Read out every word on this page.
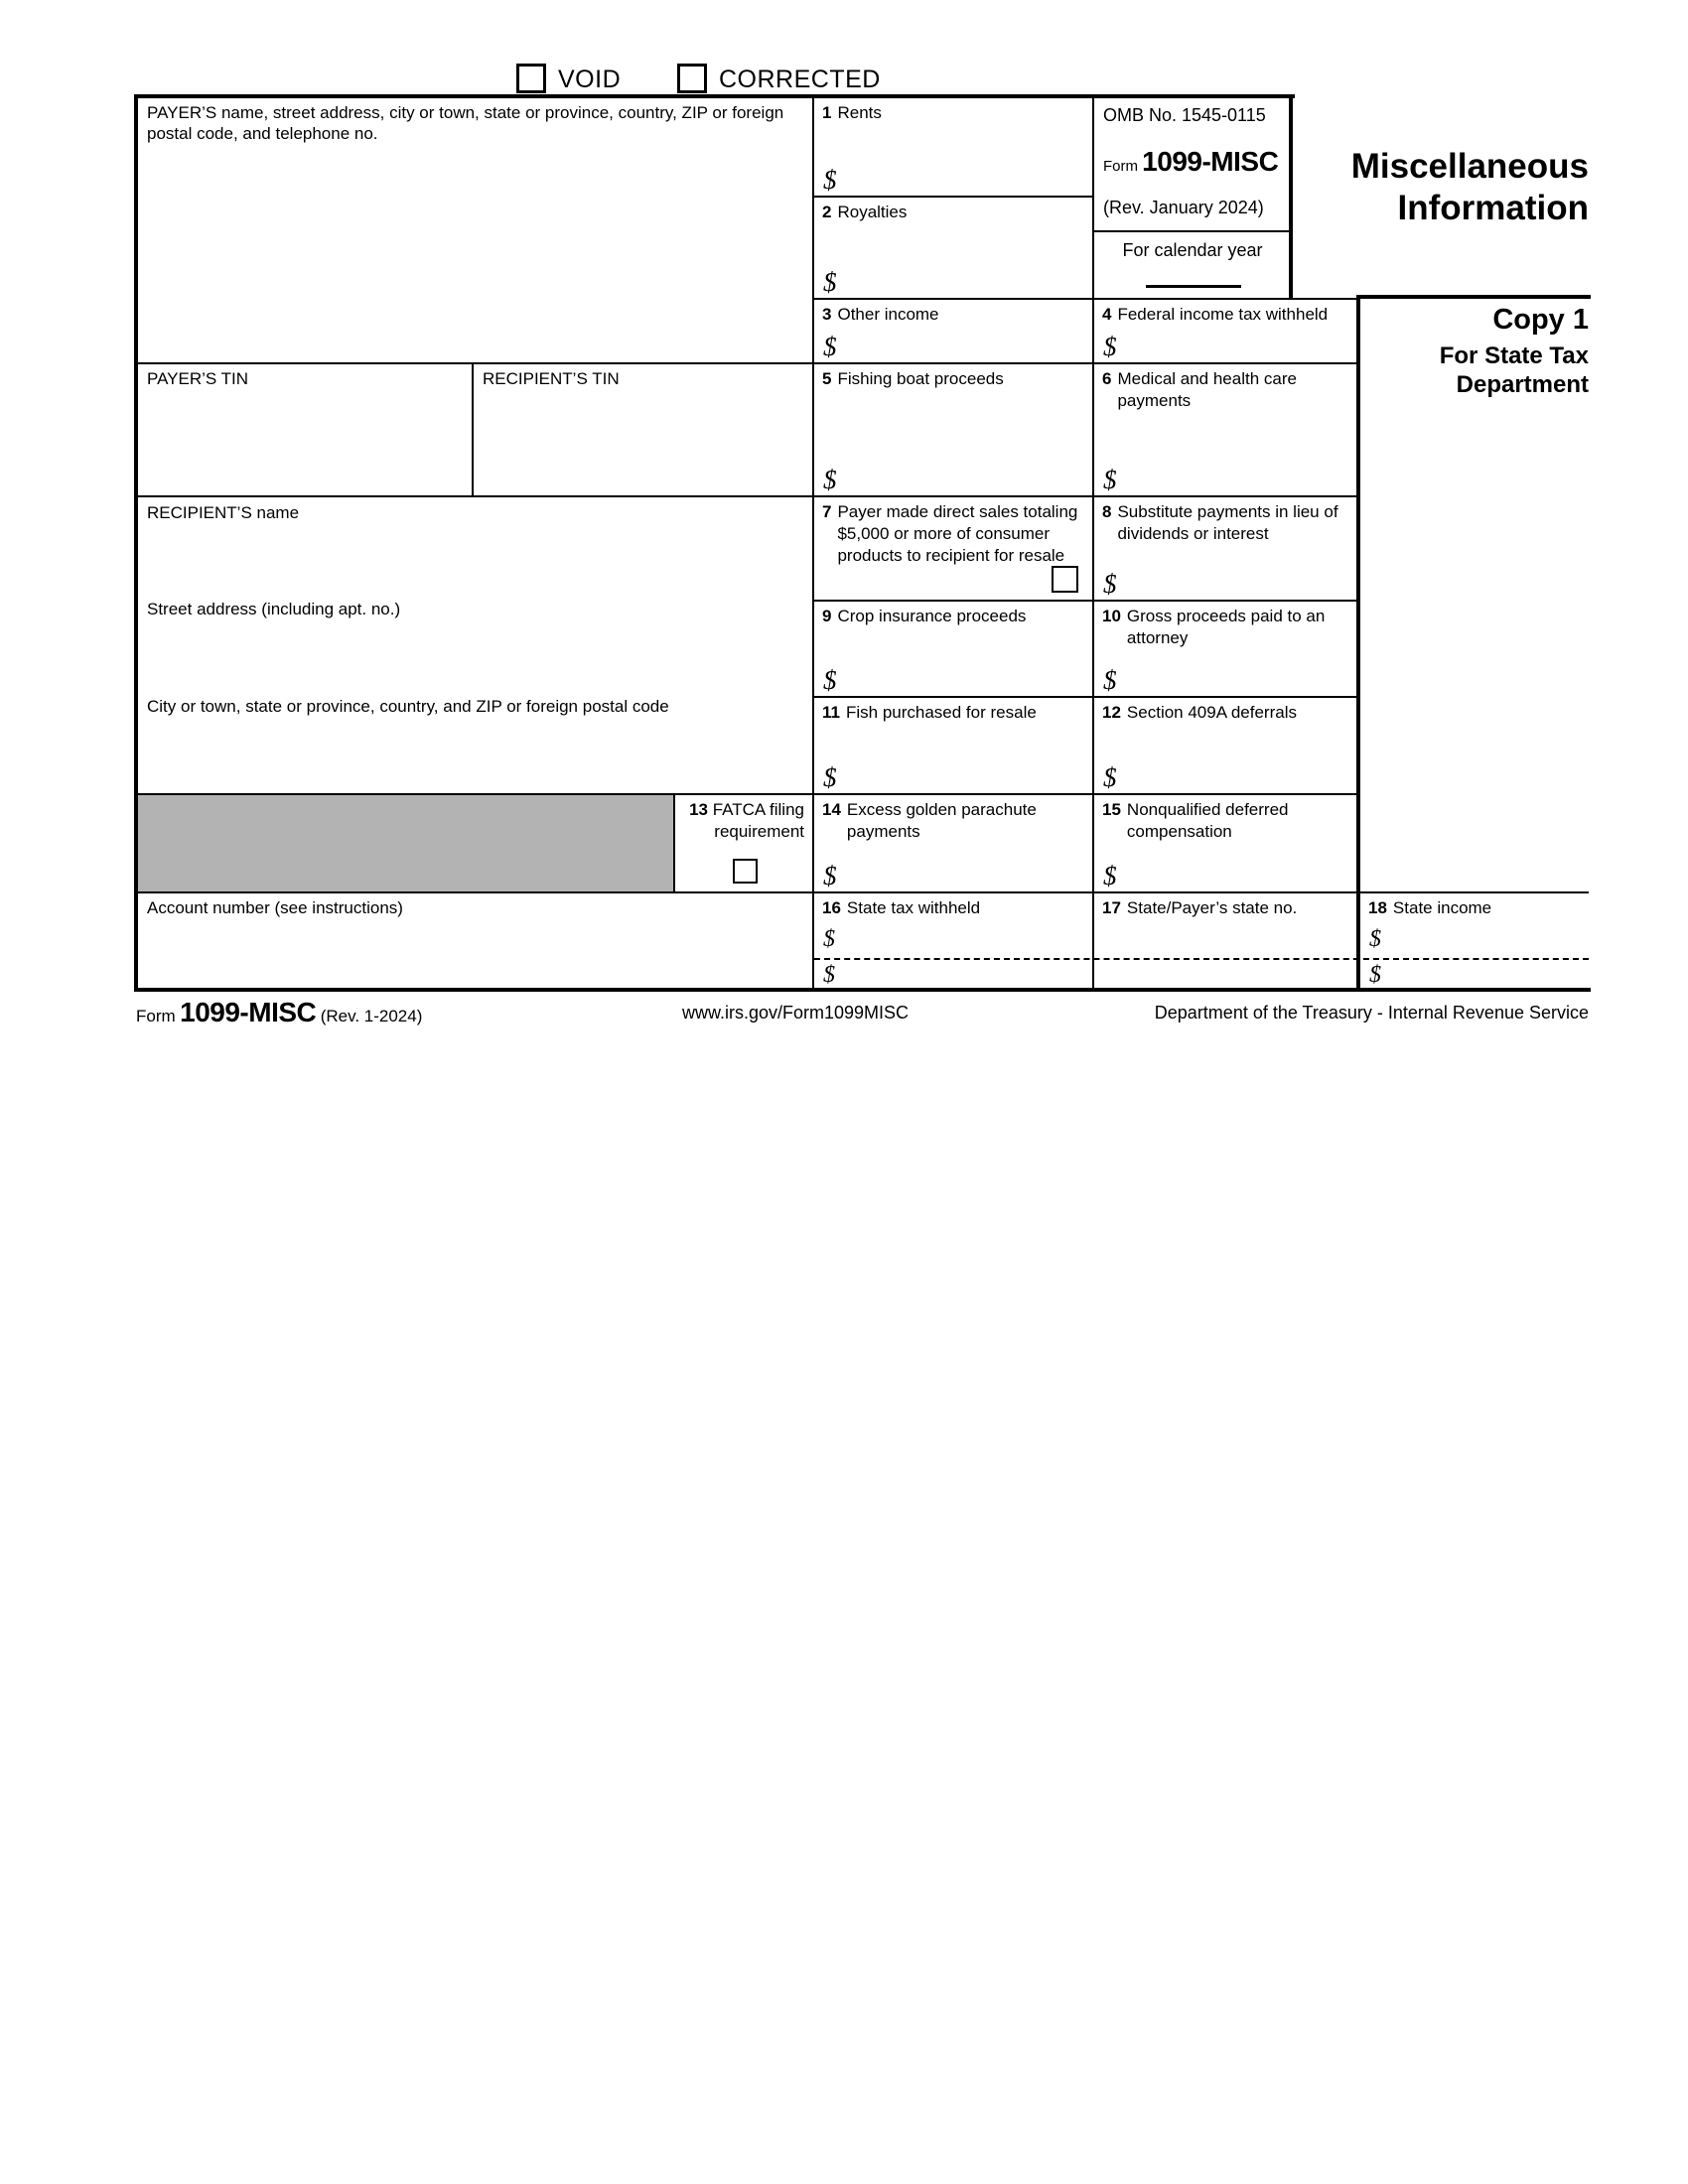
VOID	CORRECTED
PAYER’S name, street address, city or town, state or province, country, ZIP or foreign postal code, and telephone no.
PAYER’S TIN	RECIPIENT’S TIN
RECIPIENT’S name
Street address (including apt. no.)
City or town, state or province, country, and ZIP or foreign postal code
13 FATCA filing requirement
Account number (see instructions)
1 Rents
$
2 Royalties
$
3 Other income
$
5 Fishing boat proceeds
$
7 Payer made direct sales totaling $5,000 or more of consumer products to recipient for resale
9 Crop insurance proceeds
$
11 Fish purchased for resale
$
14 Excess golden parachute payments
$
16 State tax withheld
$
$
OMB No. 1545-0115
Form 1099-MISC
(Rev. January 2024)
For calendar year
4 Federal income tax withheld
$
6 Medical and health care payments
$
8 Substitute payments in lieu of dividends or interest
$
10 Gross proceeds paid to an attorney
$
12 Section 409A deferrals
$
15 Nonqualified deferred compensation
$
17 State/Payer’s state no.	18 State income
$
$
Miscellaneous
Information
Copy 1
For State Tax
Department
Form 1099-MISC (Rev. 1-2024)	www.irs.gov/Form1099MISC	Department of the Treasury - Internal Revenue Service
